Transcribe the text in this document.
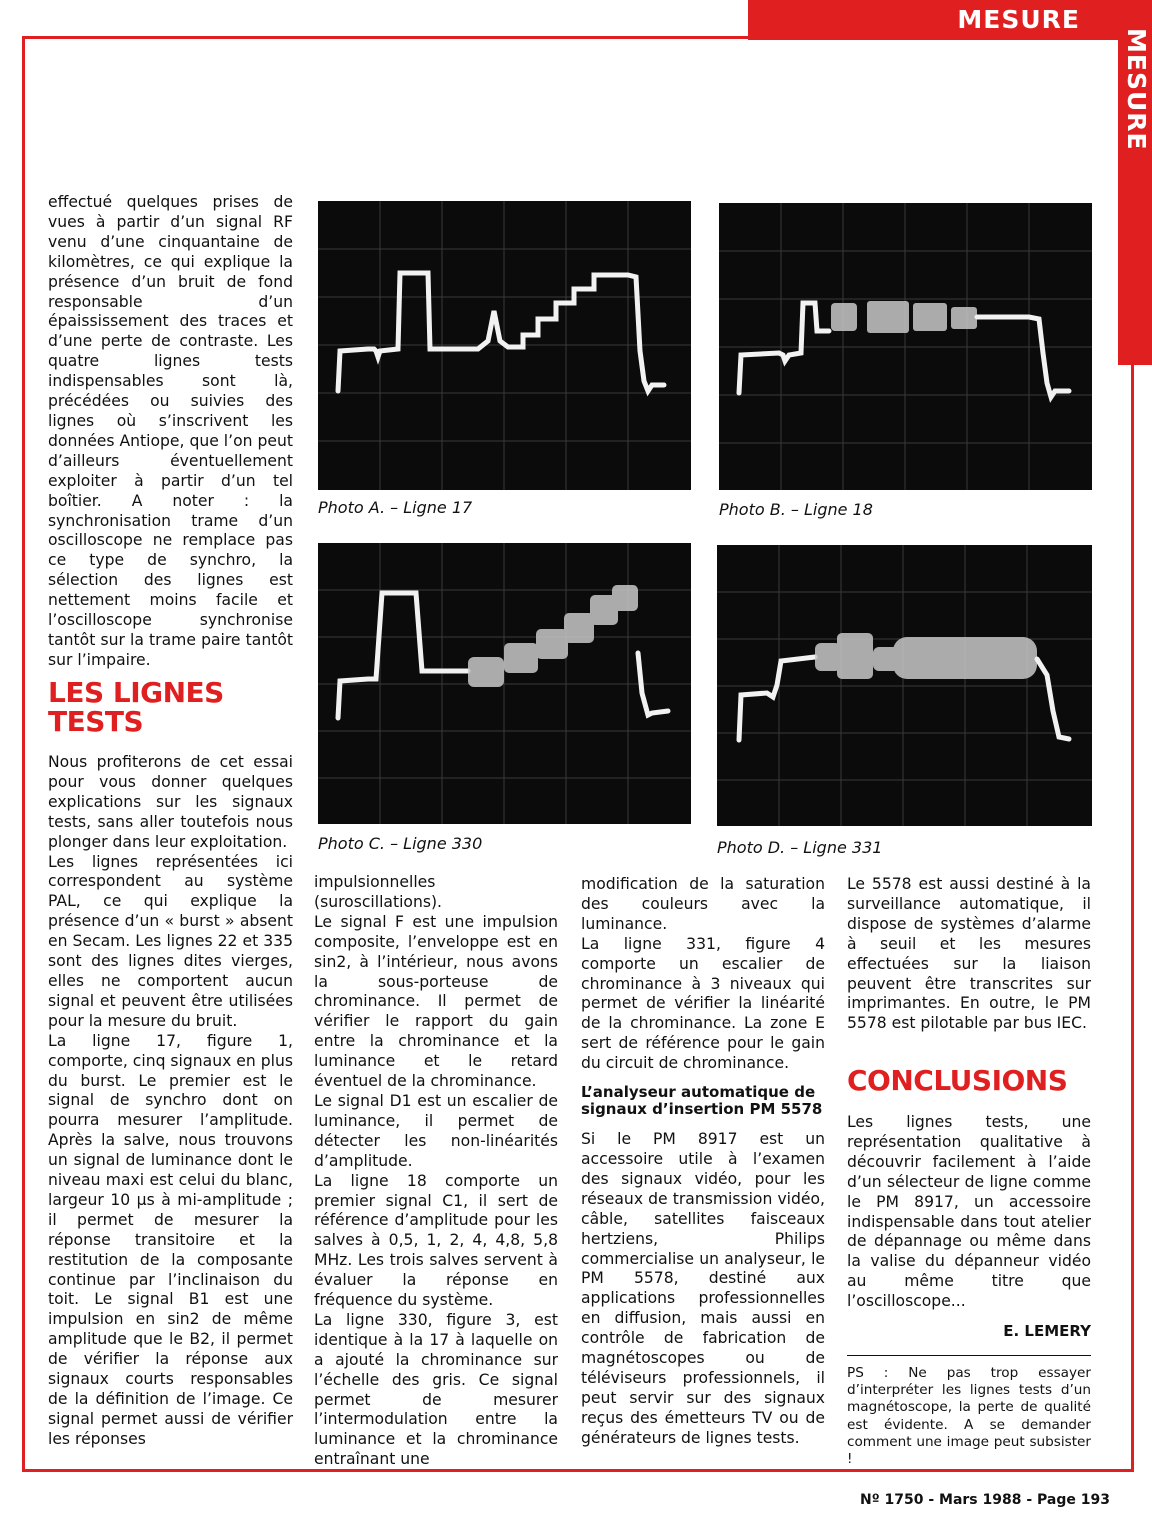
MESURE
MESURE

effectué quelques prises de vues à partir d’un signal RF venu d’une cinquantaine de kilomètres, ce qui explique la présence d’un bruit de fond responsable d’un épaississement des traces et d’une perte de contraste. Les quatre lignes tests indispensables sont là, précédées ou suivies des lignes où s’inscrivent les données Antiope, que l’on peut d’ailleurs éventuellement exploiter à partir d’un tel boîtier. A noter : la synchronisation trame d’un oscilloscope ne remplace pas ce type de synchro, la sélection des lignes est nettement moins facile et l’oscilloscope synchronise tantôt sur la trame paire tantôt sur l’impaire.

LES LIGNES TESTS

Nous profiterons de cet essai pour vous donner quelques explications sur les signaux tests, sans aller toutefois nous plonger dans leur exploitation.

Les lignes représentées ici correspondent au système PAL, ce qui explique la présence d’un « burst » absent en Secam. Les lignes 22 et 335 sont des lignes dites vierges, elles ne comportent aucun signal et peuvent être utilisées pour la mesure du bruit.

La ligne 17, figure 1, comporte, cinq signaux en plus du burst. Le premier est le signal de synchro dont on pourra mesurer l’amplitude. Après la salve, nous trouvons un signal de luminance dont le niveau maxi est celui du blanc, largeur 10 µs à mi-amplitude ; il permet de mesurer la réponse transitoire et la restitution de la composante continue par l’inclinaison du toit. Le signal B1 est une impulsion en sin2 de même amplitude que le B2, il permet de vérifier la réponse aux signaux courts responsables de la définition de l’image. Ce signal permet aussi de vérifier les réponses

Photo A. – Ligne 17	Photo B. – Ligne 18
Photo C. – Ligne 330	Photo D. – Ligne 331

impulsionnelles (suroscillations).

Le signal F est une impulsion composite, l’enveloppe est en sin2, à l’intérieur, nous avons la sous-porteuse de chrominance. Il permet de vérifier le rapport du gain entre la chrominance et la luminance et le retard éventuel de la chrominance.

Le signal D1 est un escalier de luminance, il permet de détecter les non-linéarités d’amplitude.

La ligne 18 comporte un premier signal C1, il sert de référence d’amplitude pour les salves à 0,5, 1, 2, 4, 4,8, 5,8 MHz. Les trois salves servent à évaluer la réponse en fréquence du système.

La ligne 330, figure 3, est identique à la 17 à laquelle on a ajouté la chrominance sur l’échelle des gris. Ce signal permet de mesurer l’intermodulation entre la luminance et la chrominance entraînant une

modification de la saturation des couleurs avec la luminance.

La ligne 331, figure 4 comporte un escalier de chrominance à 3 niveaux qui permet de vérifier la linéarité de la chrominance. La zone E sert de référence pour le gain du circuit de chrominance.

L’analyseur automatique de signaux d’insertion PM 5578

Si le PM 8917 est un accessoire utile à l’examen des signaux vidéo, pour les réseaux de transmission vidéo, câble, satellites faisceaux hertziens, Philips commercialise un analyseur, le PM 5578, destiné aux applications professionnelles en diffusion, mais aussi en contrôle de fabrication de magnétoscopes ou de téléviseurs professionnels, il peut servir sur des signaux reçus des émetteurs TV ou de générateurs de lignes tests.

Le 5578 est aussi destiné à la surveillance automatique, il dispose de systèmes d’alarme à seuil et les mesures effectuées sur la liaison peuvent être transcrites sur imprimantes. En outre, le PM 5578 est pilotable par bus IEC.

CONCLUSIONS

Les lignes tests, une représentation qualitative à découvrir facilement à l’aide d’un sélecteur de ligne comme le PM 8917, un accessoire indispensable dans tout atelier de dépannage ou même dans la valise du dépanneur vidéo au même titre que l’oscilloscope...

E. LEMERY
PS : Ne pas trop essayer d’interpréter les lignes tests d’un magnétoscope, la perte de qualité est évidente. A se demander comment une image peut subsister !
Nº 1750 - Mars 1988 - Page 193
